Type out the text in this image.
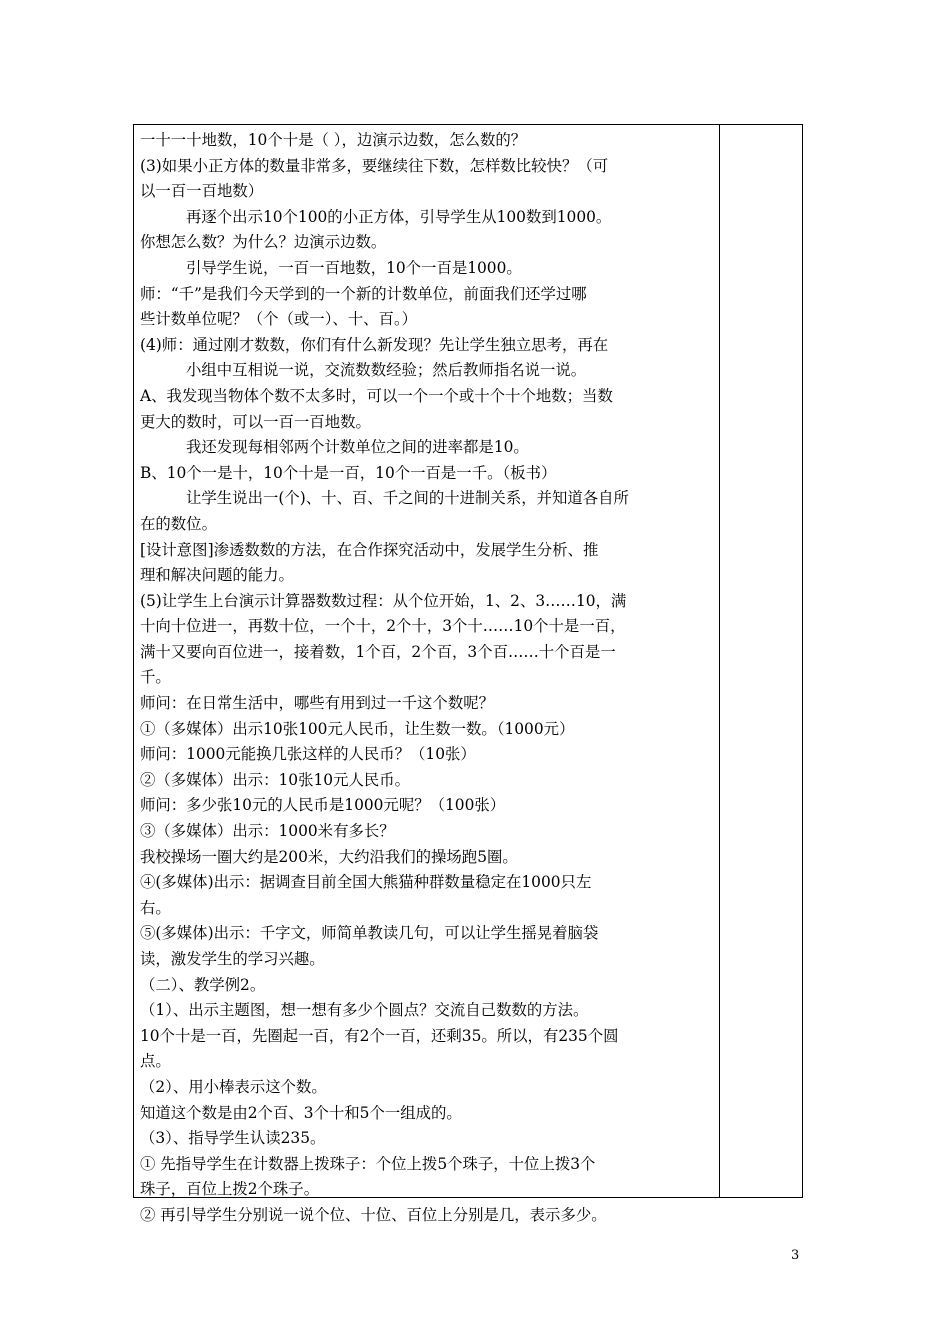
一十一十地数，10个十是（ ），边演示边数，怎么数的？
(3)如果小正方体的数量非常多，要继续往下数，怎样数比较快？（可
以一百一百地数）
再逐个出示10个100的小正方体，引导学生从100数到1000。
你想怎么数？为什么？边演示边数。
引导学生说，一百一百地数，10个一百是1000。
师：“千”是我们今天学到的一个新的计数单位，前面我们还学过哪
些计数单位呢？（个（或一）、十、百。）
(4)师：通过刚才数数，你们有什么新发现？先让学生独立思考，再在
小组中互相说一说，交流数数经验；然后教师指名说一说。
A、我发现当物体个数不太多时，可以一个一个或十个十个地数；当数
更大的数时，可以一百一百地数。
我还发现每相邻两个计数单位之间的进率都是10。
B、10个一是十，10个十是一百，10个一百是一千。（板书）
让学生说出一(个)、十、百、千之间的十进制关系，并知道各自所
在的数位。
[设计意图]渗透数数的方法，在合作探究活动中，发展学生分析、推
理和解决问题的能力。
(5)让学生上台演示计算器数数过程：从个位开始，1、2、3……10，满
十向十位进一，再数十位，一个十，2个十，3个十……10个十是一百，
满十又要向百位进一，接着数，1个百，2个百，3个百……十个百是一
千。
师问：在日常生活中，哪些有用到过一千这个数呢？
①（多媒体）出示10张100元人民币，让生数一数。（1000元）
师问：1000元能换几张这样的人民币？（10张）
②（多媒体）出示：10张10元人民币。
师问：多少张10元的人民币是1000元呢？（100张）
③（多媒体）出示：1000米有多长？
我校操场一圈大约是200米，大约沿我们的操场跑5圈。
④(多媒体)出示：据调查目前全国大熊猫种群数量稳定在1000只左
右。
⑤(多媒体)出示：千字文，师简单教读几句，可以让学生摇晃着脑袋
读，激发学生的学习兴趣。
（二）、教学例2。
（1）、出示主题图，想一想有多少个圆点？交流自己数数的方法。
10个十是一百，先圈起一百，有2个一百，还剩35。所以，有235个圆
点。
（2）、用小棒表示这个数。
知道这个数是由2个百、3个十和5个一组成的。
（3）、指导学生认读235。
① 先指导学生在计数器上拨珠子：个位上拨5个珠子，十位上拨3个
珠子，百位上拨2个珠子。
② 再引导学生分别说一说个位、十位、百位上分别是几，表示多少。
3
